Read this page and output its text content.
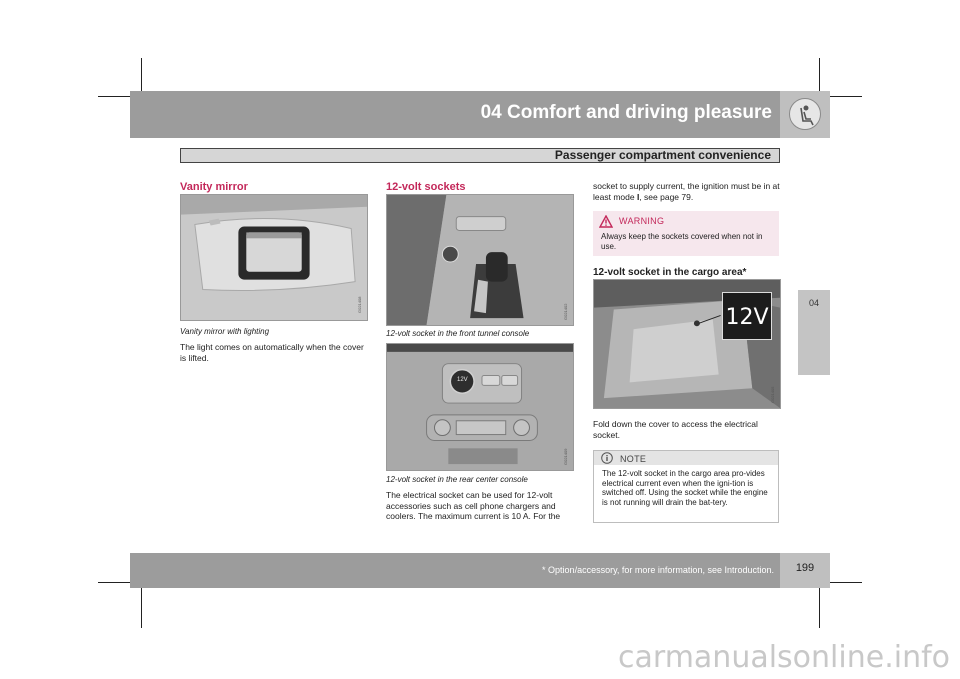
04 Comfort and driving pleasure
Passenger compartment convenience
04
Vanity mirror
G021408
Vanity mirror with lighting
The light comes on automatically when the cover is lifted.
12-volt sockets
G021402
12-volt socket in the front tunnel console
12V
G021409
12-volt socket in the rear center console
The electrical socket can be used for 12-volt accessories such as cell phone chargers and coolers. The maximum current is 10 A. For the
socket to supply current, the ignition must be in at least mode I, see page 79.
WARNING
Always keep the sockets covered when not in use.
12-volt socket in the cargo area*
12V
G021405
Fold down the cover to access the electrical socket.
NOTE
The 12-volt socket in the cargo area pro-vides electrical current even when the igni-tion is switched off. Using the socket while the engine is not running will drain the bat-tery.
* Option/accessory, for more information, see Introduction.	199
carmanualsonline.info
